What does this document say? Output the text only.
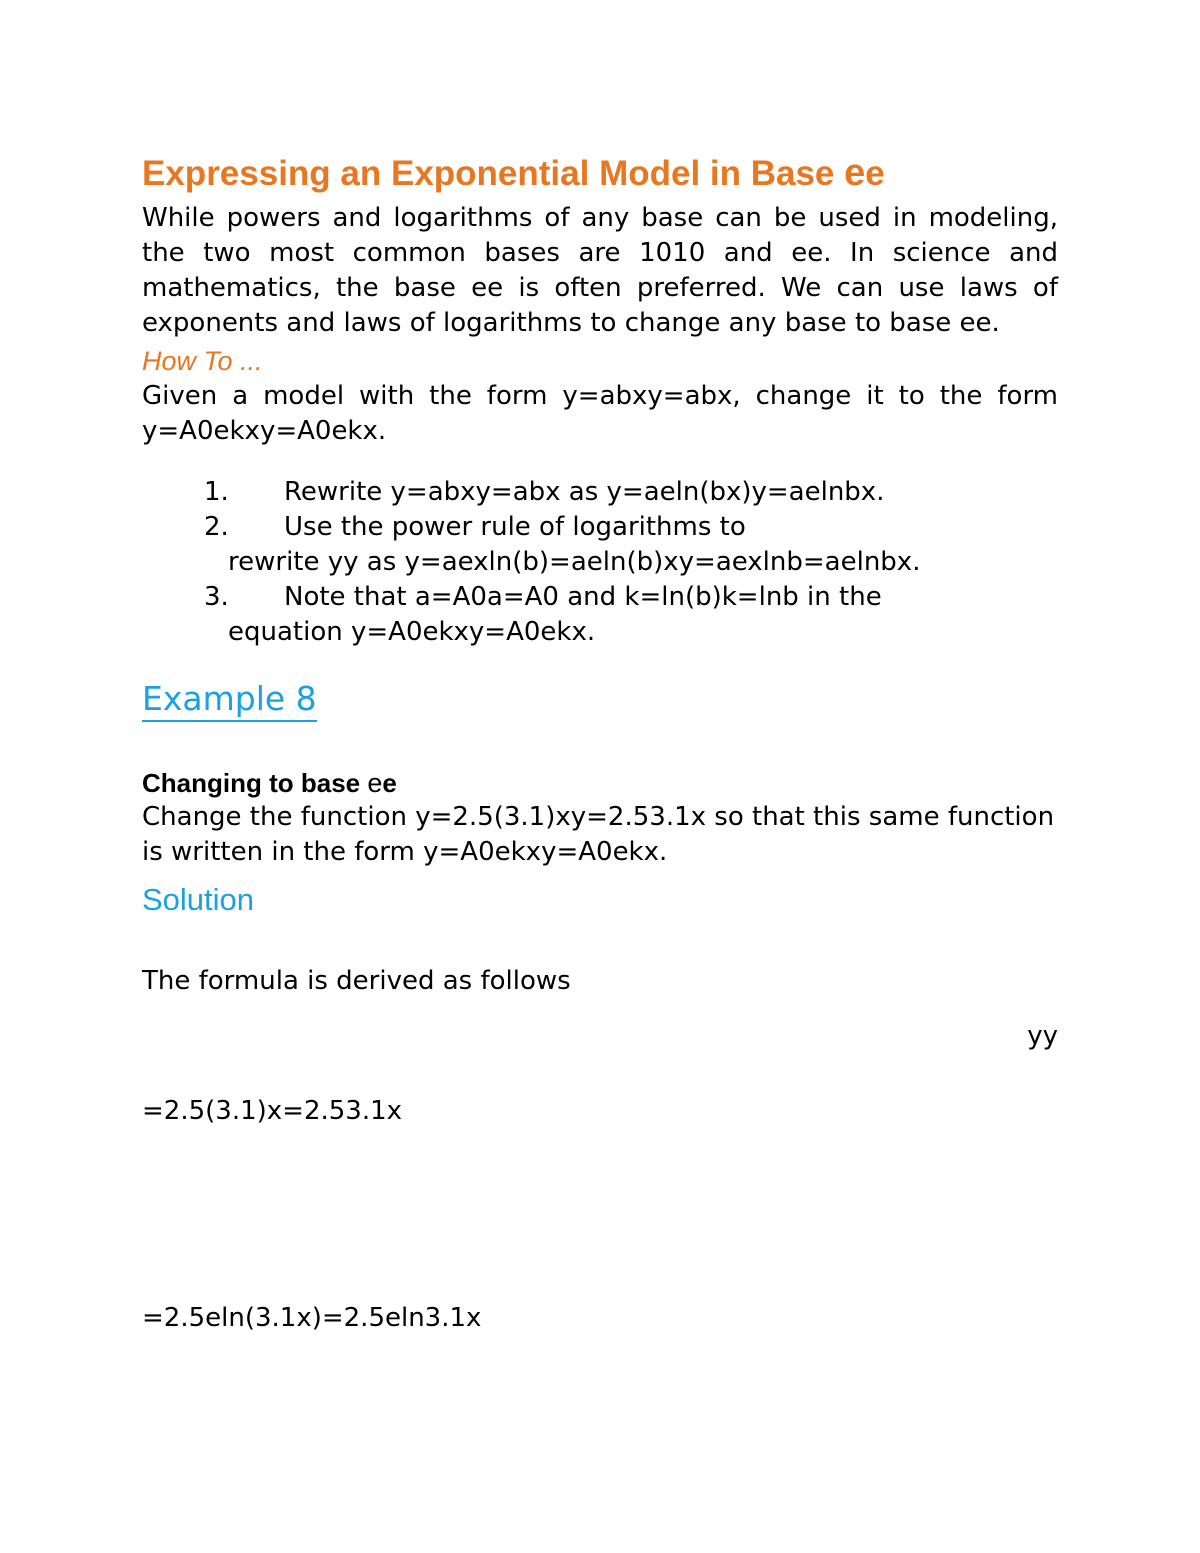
Expressing an Exponential Model in Base ee

While powers and logarithms of any base can be used in modeling, the two most common bases are 1010 and ee. In science and mathematics, the base ee is often preferred. We can use laws of exponents and laws of logarithms to change any base to base ee.

How To ...

Given a model with the form y=abxy=abx, change it to the form y=A0ekxy=A0ekx.

1. Rewrite y=abxy=abx as y=aeln(bx)y=aelnbx.
2. Use the power rule of logarithms to
rewrite yy as y=aexln(b)=aeln(b)xy=aexlnb=aelnbx.
3. Note that a=A0a=A0 and k=ln(b)k=lnb in the
equation y=A0ekxy=A0ekx.
Example 8
Changing to base ee

Change the function y=2.5(3.1)xy=2.53.1x so that this same function is written in the form y=A0ekxy=A0ekx.

Solution
The formula is derived as follows
yy
=2.5(3.1)x=2.53.1x
=2.5eln(3.1x)=2.5eln3.1x
